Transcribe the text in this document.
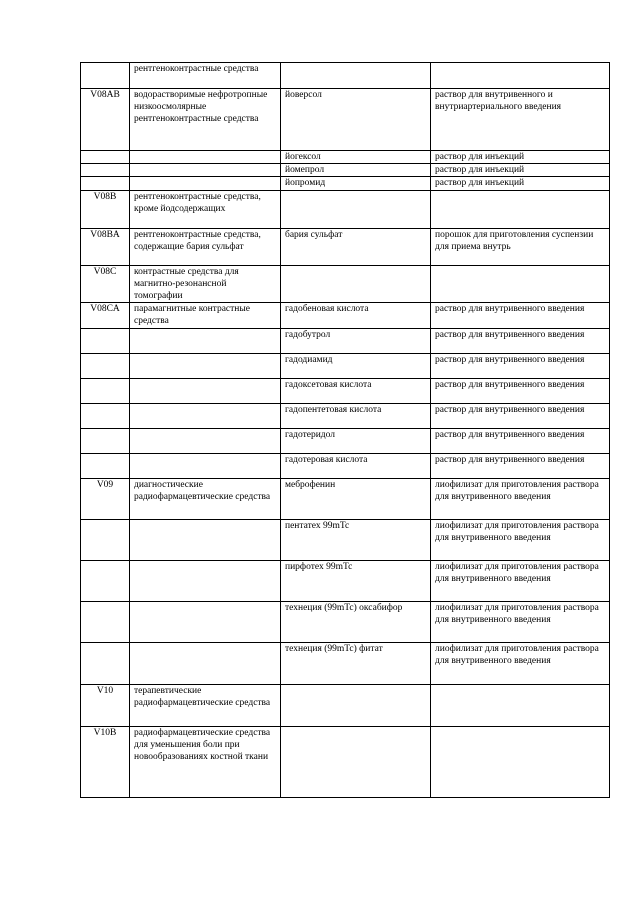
	рентгеноконтрастные средства		
V08AB	водорастворимые нефротропные низкоосмолярные рентгеноконтрастные средства	йоверсол	раствор для внутривенного и внутриартериального введения
		йогексол	раствор для инъекций
		йомепрол	раствор для инъекций
		йопромид	раствор для инъекций
V08B	рентгеноконтрастные средства, кроме йодсодержащих		
V08BA	рентгеноконтрастные средства, содержащие бария сульфат	бария сульфат	порошок для приготовления суспензии для приема внутрь
V08C	контрастные средства для магнитно-резонансной томографии		
V08CA	парамагнитные контрастные средства	гадобеновая кислота	раствор для внутривенного введения
		гадобутрол	раствор для внутривенного введения
		гадодиамид	раствор для внутривенного введения
		гадоксетовая кислота	раствор для внутривенного введения
		гадопентетовая кислота	раствор для внутривенного введения
		гадотеридол	раствор для внутривенного введения
		гадотеровая кислота	раствор для внутривенного введения
V09	диагностические радиофармацевтические средства	меброфенин	лиофилизат для приготовления раствора для внутривенного введения
		пентатех 99mTc	лиофилизат для приготовления раствора для внутривенного введения
		пирфотех 99mTc	лиофилизат для приготовления раствора для внутривенного введения
		технеция (99mTc) оксабифор	лиофилизат для приготовления раствора для внутривенного введения
		технеция (99mTc) фитат	лиофилизат для приготовления раствора для внутривенного введения
V10	терапевтические радиофармацевтические средства		
V10B	радиофармацевтические средства для уменьшения боли при новообразованиях костной ткани		
